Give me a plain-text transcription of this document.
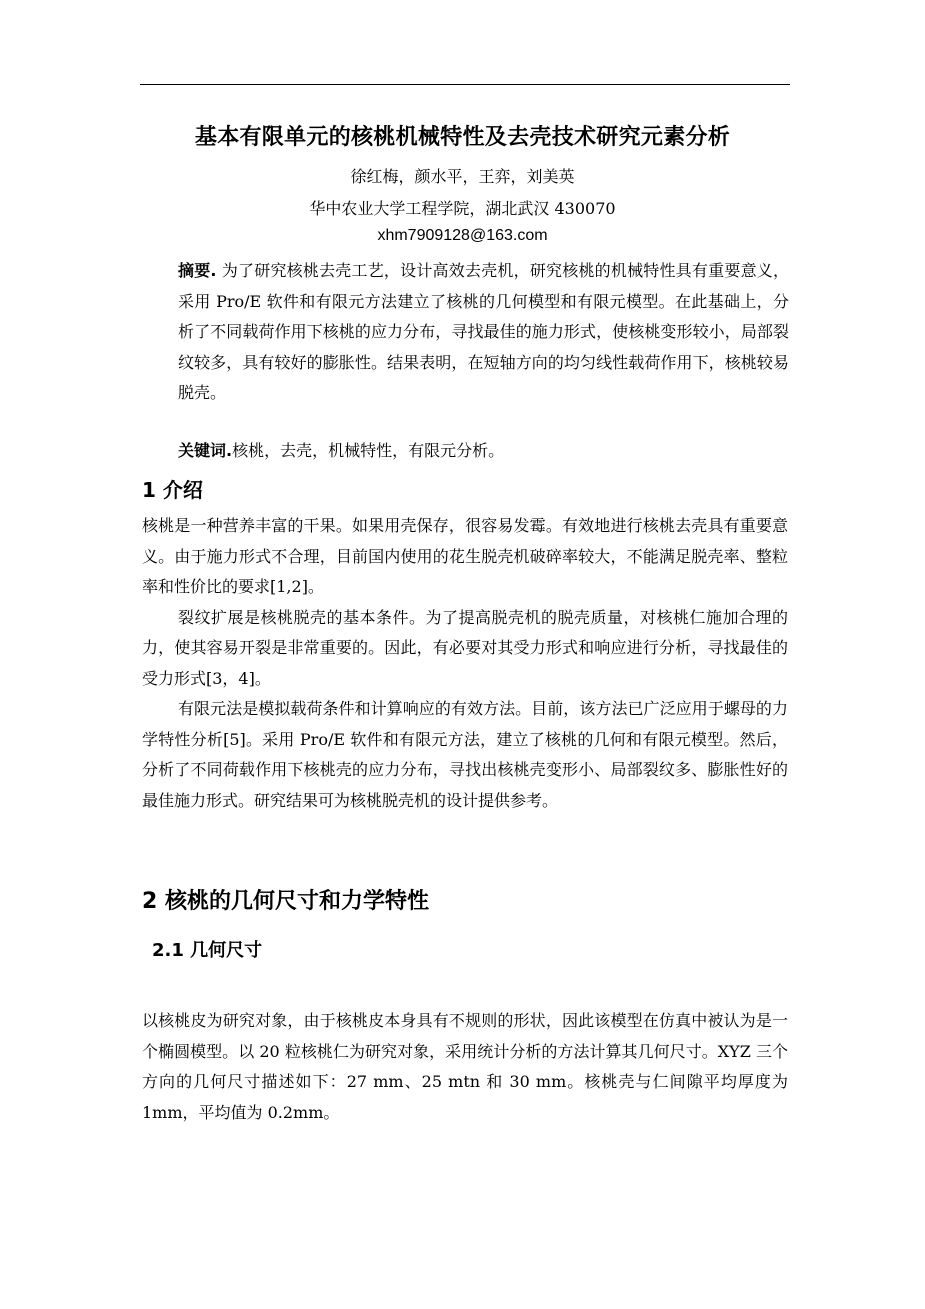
基本有限单元的核桃机械特性及去壳技术研究元素分析
徐红梅，颜水平，王弈，刘美英
华中农业大学工程学院，湖北武汉 430070
xhm7909128@163.com
摘要. 为了研究核桃去壳工艺，设计高效去壳机，研究核桃的机械特性具有重要意义，采用 Pro/E 软件和有限元方法建立了核桃的几何模型和有限元模型。在此基础上，分析了不同载荷作用下核桃的应力分布，寻找最佳的施力形式，使核桃变形较小，局部裂纹较多，具有较好的膨胀性。结果表明，在短轴方向的均匀线性载荷作用下，核桃较易脱壳。
关键词.核桃，去壳，机械特性，有限元分析。
1 介绍

核桃是一种营养丰富的干果。如果用壳保存，很容易发霉。有效地进行核桃去壳具有重要意义。由于施力形式不合理，目前国内使用的花生脱壳机破碎率较大，不能满足脱壳率、整粒率和性价比的要求[1,2]。

裂纹扩展是核桃脱壳的基本条件。为了提高脱壳机的脱壳质量，对核桃仁施加合理的力，使其容易开裂是非常重要的。因此，有必要对其受力形式和响应进行分析，寻找最佳的受力形式[3，4]。

有限元法是模拟载荷条件和计算响应的有效方法。目前，该方法已广泛应用于螺母的力学特性分析[5]。采用 Pro/E 软件和有限元方法，建立了核桃的几何和有限元模型。然后，分析了不同荷载作用下核桃壳的应力分布，寻找出核桃壳变形小、局部裂纹多、膨胀性好的最佳施力形式。研究结果可为核桃脱壳机的设计提供参考。

2 核桃的几何尺寸和力学特性
2.1 几何尺寸

以核桃皮为研究对象，由于核桃皮本身具有不规则的形状，因此该模型在仿真中被认为是一个椭圆模型。以 20 粒核桃仁为研究对象，采用统计分析的方法计算其几何尺寸。XYZ 三个方向的几何尺寸描述如下：27 mm、25 mtn 和 30 mm。核桃壳与仁间隙平均厚度为 1mm，平均值为 0.2mm。
